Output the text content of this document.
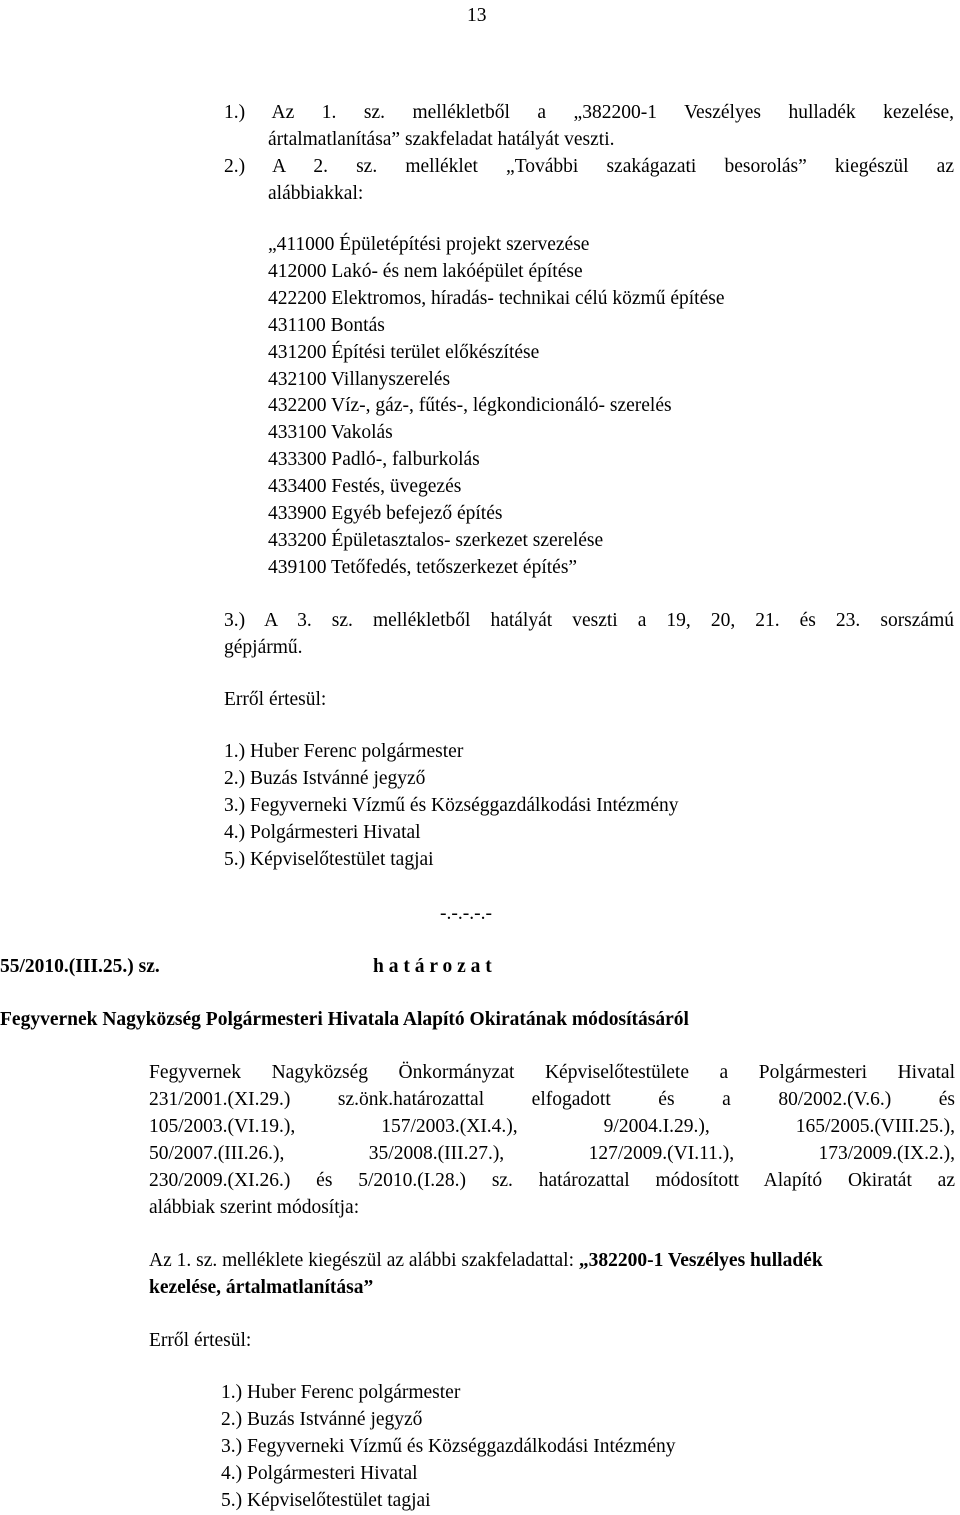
13
1.) Az 1. sz. mellékletből a „382200-1 Veszélyes hulladék kezelése,
ártalmatlanítása” szakfeladat hatályát veszti.
2.) A 2. sz. melléklet „További szakágazati besorolás” kiegészül az
alábbiakkal:
„411000 Épületépítési projekt szervezése
412000 Lakó- és nem lakóépület építése
422200 Elektromos, híradás- technikai célú közmű építése
431100 Bontás
431200 Építési terület előkészítése
432100 Villanyszerelés
432200 Víz-, gáz-, fűtés-, légkondicionáló- szerelés
433100 Vakolás
433300 Padló-, falburkolás
433400 Festés, üvegezés
433900 Egyéb befejező építés
433200 Épületasztalos- szerkezet szerelése
439100 Tetőfedés, tetőszerkezet építés”
3.) A 3. sz. mellékletből hatályát veszti a 19, 20, 21. és 23. sorszámú
gépjármű.
Erről értesül:
1.) Huber Ferenc polgármester
2.) Buzás Istvánné jegyző
3.) Fegyverneki Vízmű és Községgazdálkodási Intézmény
4.) Polgármesteri Hivatal
5.) Képviselőtestület tagjai
-.-.-.-.-
55/2010.(III.25.) sz.	h a t á r o z a t
Fegyvernek Nagyközség Polgármesteri Hivatala Alapító Okiratának módosításáról
Fegyvernek Nagyközség Önkormányzat Képviselőtestülete a Polgármesteri Hivatal
231/2001.(XI.29.) sz.önk.határozattal elfogadott és a 80/2002.(V.6.) és
105/2003.(VI.19.), 157/2003.(XI.4.), 9/2004.I.29.), 165/2005.(VIII.25.),
50/2007.(III.26.), 35/2008.(III.27.), 127/2009.(VI.11.), 173/2009.(IX.2.),
230/2009.(XI.26.) és 5/2010.(I.28.) sz. határozattal módosított Alapító Okiratát az
alábbiak szerint módosítja:
Az 1. sz. melléklete kiegészül az alábbi szakfeladattal: „382200-1 Veszélyes hulladék
kezelése, ártalmatlanítása”
Erről értesül:
1.) Huber Ferenc polgármester
2.) Buzás Istvánné jegyző
3.) Fegyverneki Vízmű és Községgazdálkodási Intézmény
4.) Polgármesteri Hivatal
5.) Képviselőtestület tagjai
